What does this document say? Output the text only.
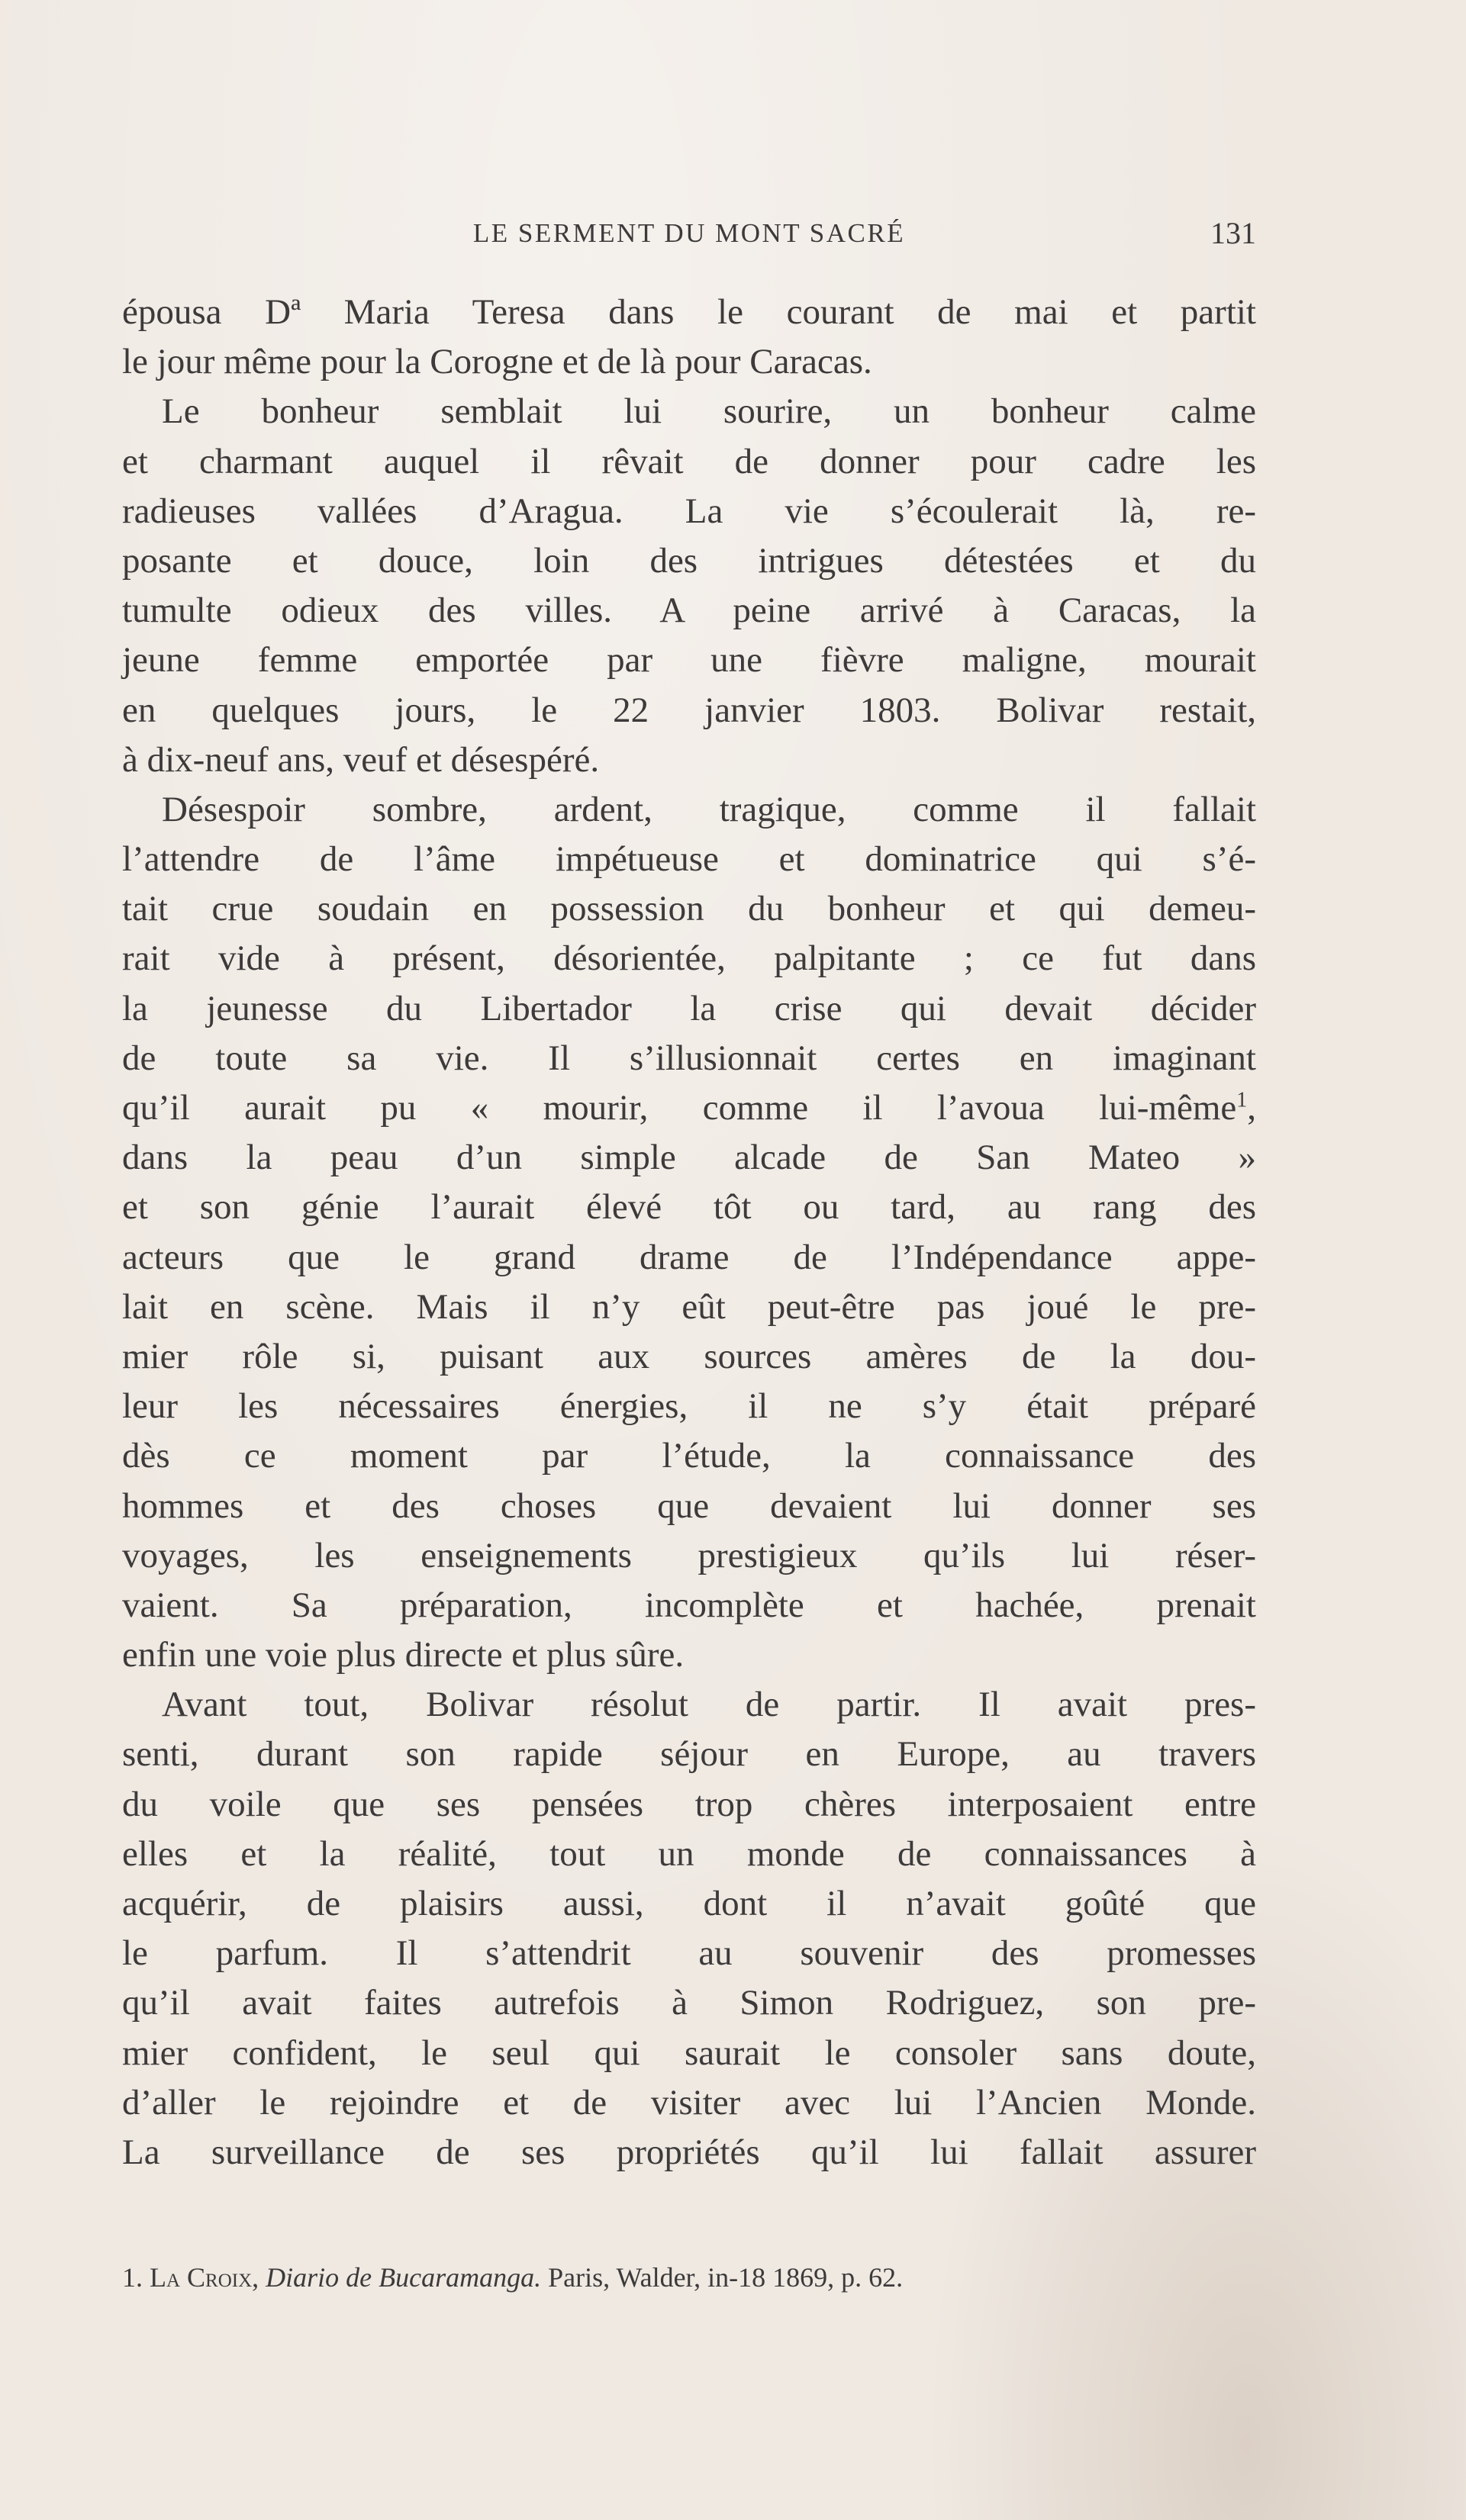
LE SERMENT DU MONT SACRÉ	131
épousa Dª Maria Teresa dans le courant de mai et partit
le jour même pour la Corogne et de là pour Caracas.
Le bonheur semblait lui sourire, un bonheur calme
et charmant auquel il rêvait de donner pour cadre les
radieuses vallées d’Aragua. La vie s’écoulerait là, re-
posante et douce, loin des intrigues détestées et du
tumulte odieux des villes. A peine arrivé à Caracas, la
jeune femme emportée par une fièvre maligne, mourait
en quelques jours, le 22 janvier 1803. Bolivar restait,
à dix-neuf ans, veuf et désespéré.
Désespoir sombre, ardent, tragique, comme il fallait
l’attendre de l’âme impétueuse et dominatrice qui s’é-
tait crue soudain en possession du bonheur et qui demeu-
rait vide à présent, désorientée, palpitante ; ce fut dans
la jeunesse du Libertador la crise qui devait décider
de toute sa vie. Il s’illusionnait certes en imaginant
qu’il aurait pu « mourir, comme il l’avoua lui-même$^1$,
dans la peau d’un simple alcade de San Mateo »
et son génie l’aurait élevé tôt ou tard, au rang des
acteurs que le grand drame de l’Indépendance appe-
lait en scène. Mais il n’y eût peut-être pas joué le pre-
mier rôle si, puisant aux sources amères de la dou-
leur les nécessaires énergies, il ne s’y était préparé
dès ce moment par l’étude, la connaissance des
hommes et des choses que devaient lui donner ses
voyages, les enseignements prestigieux qu’ils lui réser-
vaient. Sa préparation, incomplète et hachée, prenait
enfin une voie plus directe et plus sûre.
Avant tout, Bolivar résolut de partir. Il avait pres-
senti, durant son rapide séjour en Europe, au travers
du voile que ses pensées trop chères interposaient entre
elles et la réalité, tout un monde de connaissances à
acquérir, de plaisirs aussi, dont il n’avait goûté que
le parfum. Il s’attendrit au souvenir des promesses
qu’il avait faites autrefois à Simon Rodriguez, son pre-
mier confident, le seul qui saurait le consoler sans doute,
d’aller le rejoindre et de visiter avec lui l’Ancien Monde.
La surveillance de ses propriétés qu’il lui fallait assurer
1. La Croix, Diario de Bucaramanga. Paris, Walder, in-18 1869, p. 62.
